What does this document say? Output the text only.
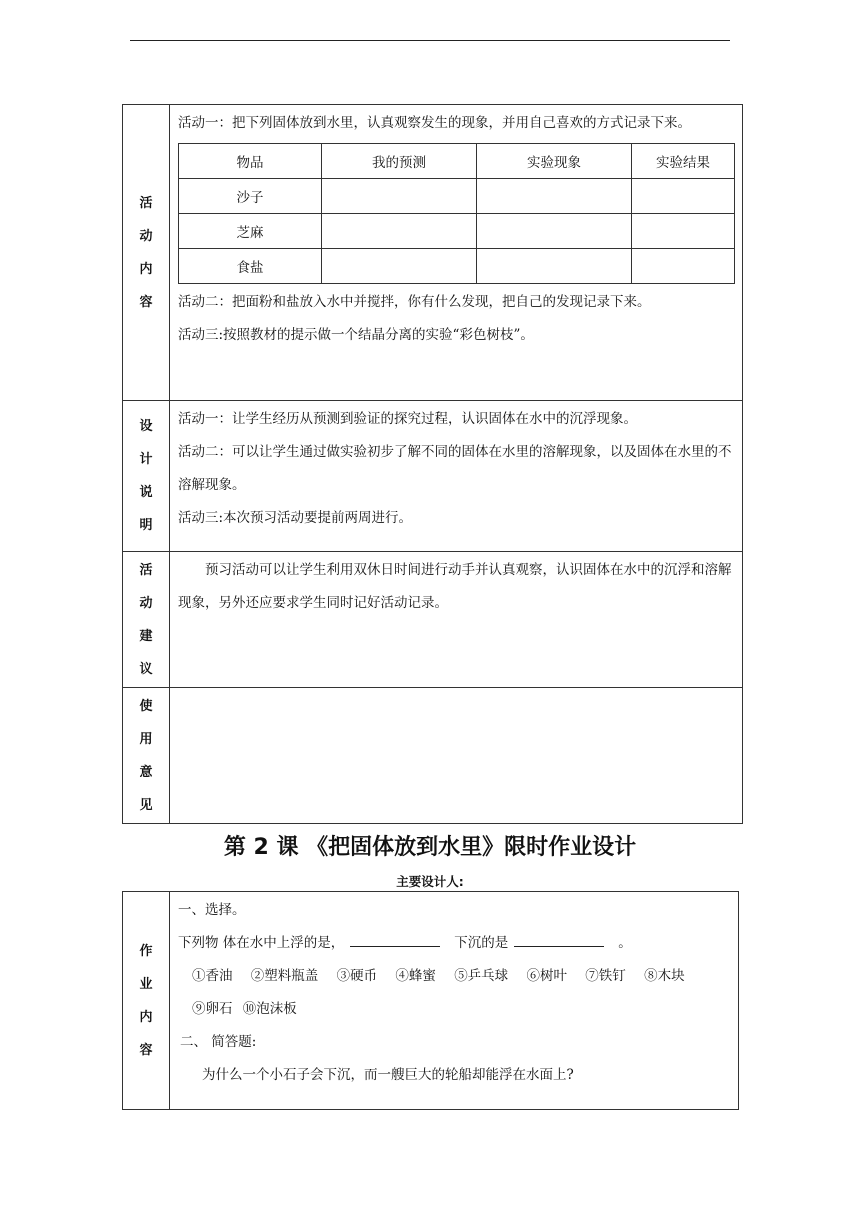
活
动
内
容

活动一：把下列固体放到水里，认真观察发生的现象，并用自己喜欢的方式记录下来。
物品	我的预测	实验现象	实验结果
沙子			
芝麻			
食盐			
活动二：把面粉和盐放入水中并搅拌，你有什么发现，把自己的发现记录下来。
活动三:按照教材的提示做一个结晶分离的实验“彩色树枝”。

设
计
说
明

活动一：让学生经历从预测到验证的探究过程，认识固体在水中的沉浮现象。
活动二：可以让学生通过做实验初步了解不同的固体在水里的溶解现象，以及固体在水里的不溶解现象。
活动三:本次预习活动要提前两周进行。

活
动
建
议

预习活动可以让学生利用双休日时间进行动手并认真观察，认识固体在水中的沉浮和溶解现象，另外还应要求学生同时记好活动记录。

使
用
意
见

第 2 课 《把固体放到水里》限时作业设计
主要设计人:
作
业
内
容

一、选择。
下列物 体在水中上浮的是，	下沉的是	。
①香油 ②塑料瓶盖 ③硬币 ④蜂蜜 ⑤乒乓球 ⑥树叶 ⑦铁钉 ⑧木块
⑨卵石 ⑩泡沫板
二、 简答题:
为什么一个小石子会下沉，而一艘巨大的轮船却能浮在水面上?
